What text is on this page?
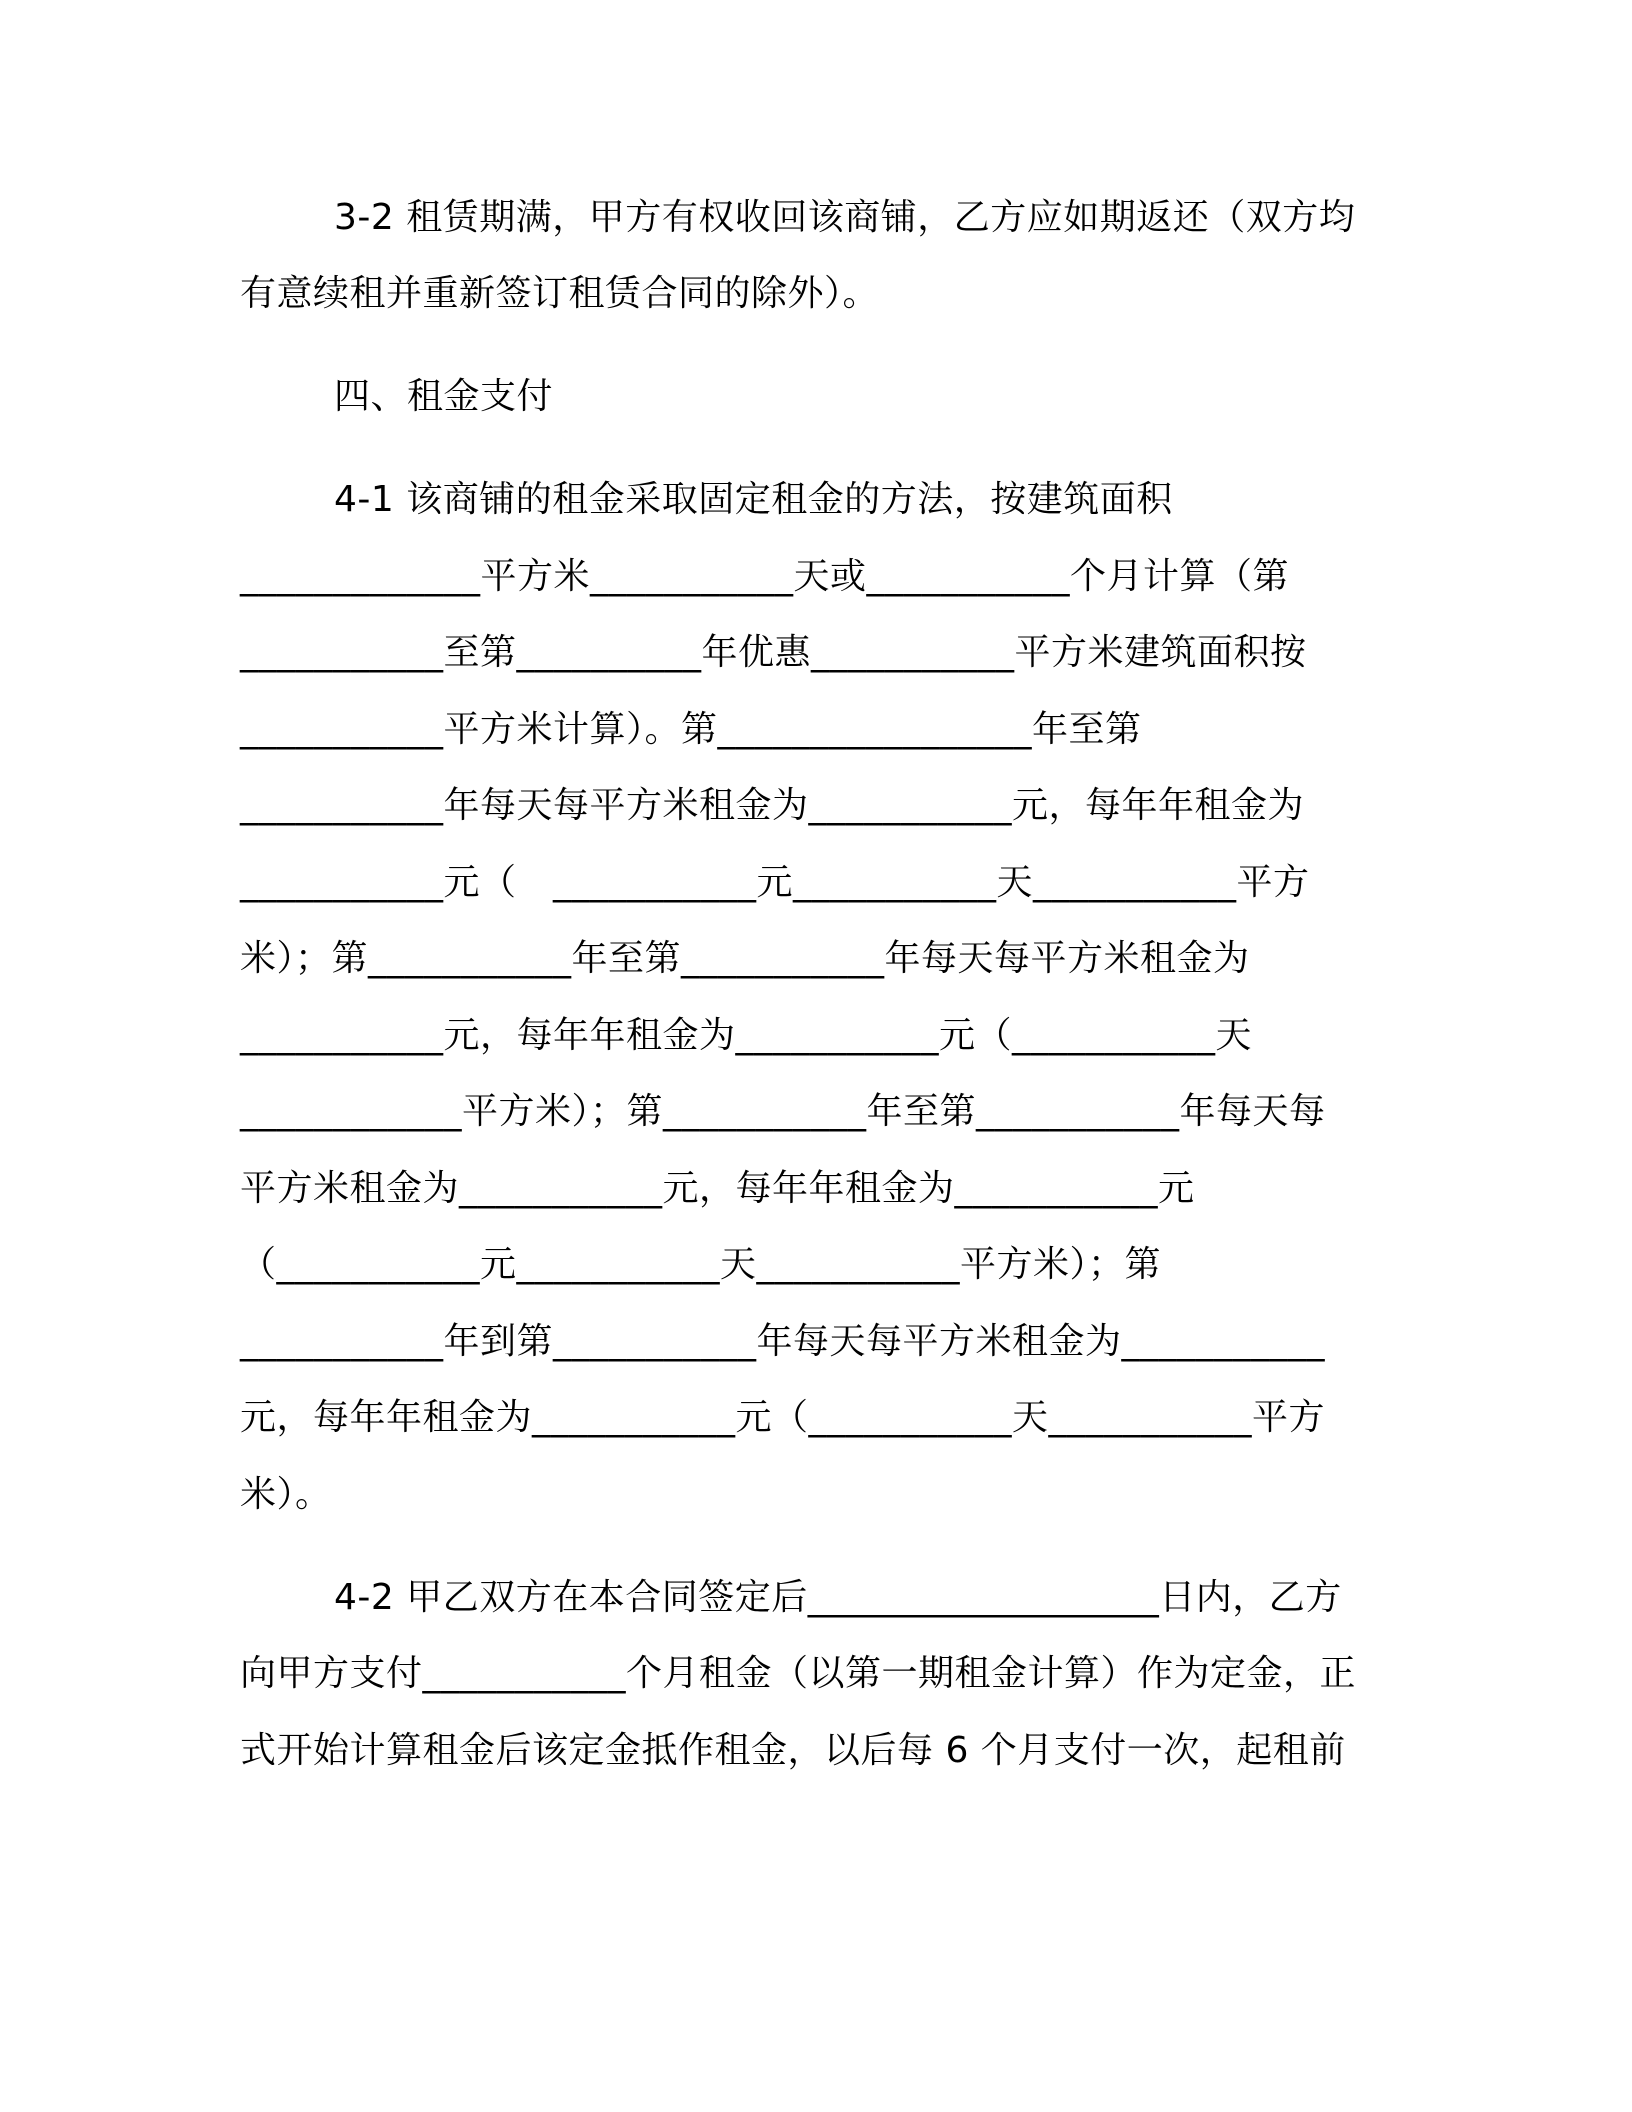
3-2 租赁期满，甲方有权收回该商铺，乙方应如期返还（双方均
有意续租并重新签订租赁合同的除外）。
四、租金支付
4-1 该商铺的租金采取固定租金的方法，按建筑面积
_____________平方米___________天或___________个月计算（第
___________至第__________年优惠___________平方米建筑面积按
___________平方米计算）。第_________________年至第
___________年每天每平方米租金为___________元，每年年租金为
___________元（　___________元___________天___________平方
米）；第___________年至第___________年每天每平方米租金为
___________元，每年年租金为___________元（___________天
____________平方米）；第___________年至第___________年每天每
平方米租金为___________元，每年年租金为___________元
（___________元___________天___________平方米）；第
___________年到第___________年每天每平方米租金为___________
元，每年年租金为___________元（___________天___________平方
米）。
4-2 甲乙双方在本合同签定后___________________日内，乙方
向甲方支付___________个月租金（以第一期租金计算）作为定金，正
式开始计算租金后该定金抵作租金，以后每 6 个月支付一次，起租前
